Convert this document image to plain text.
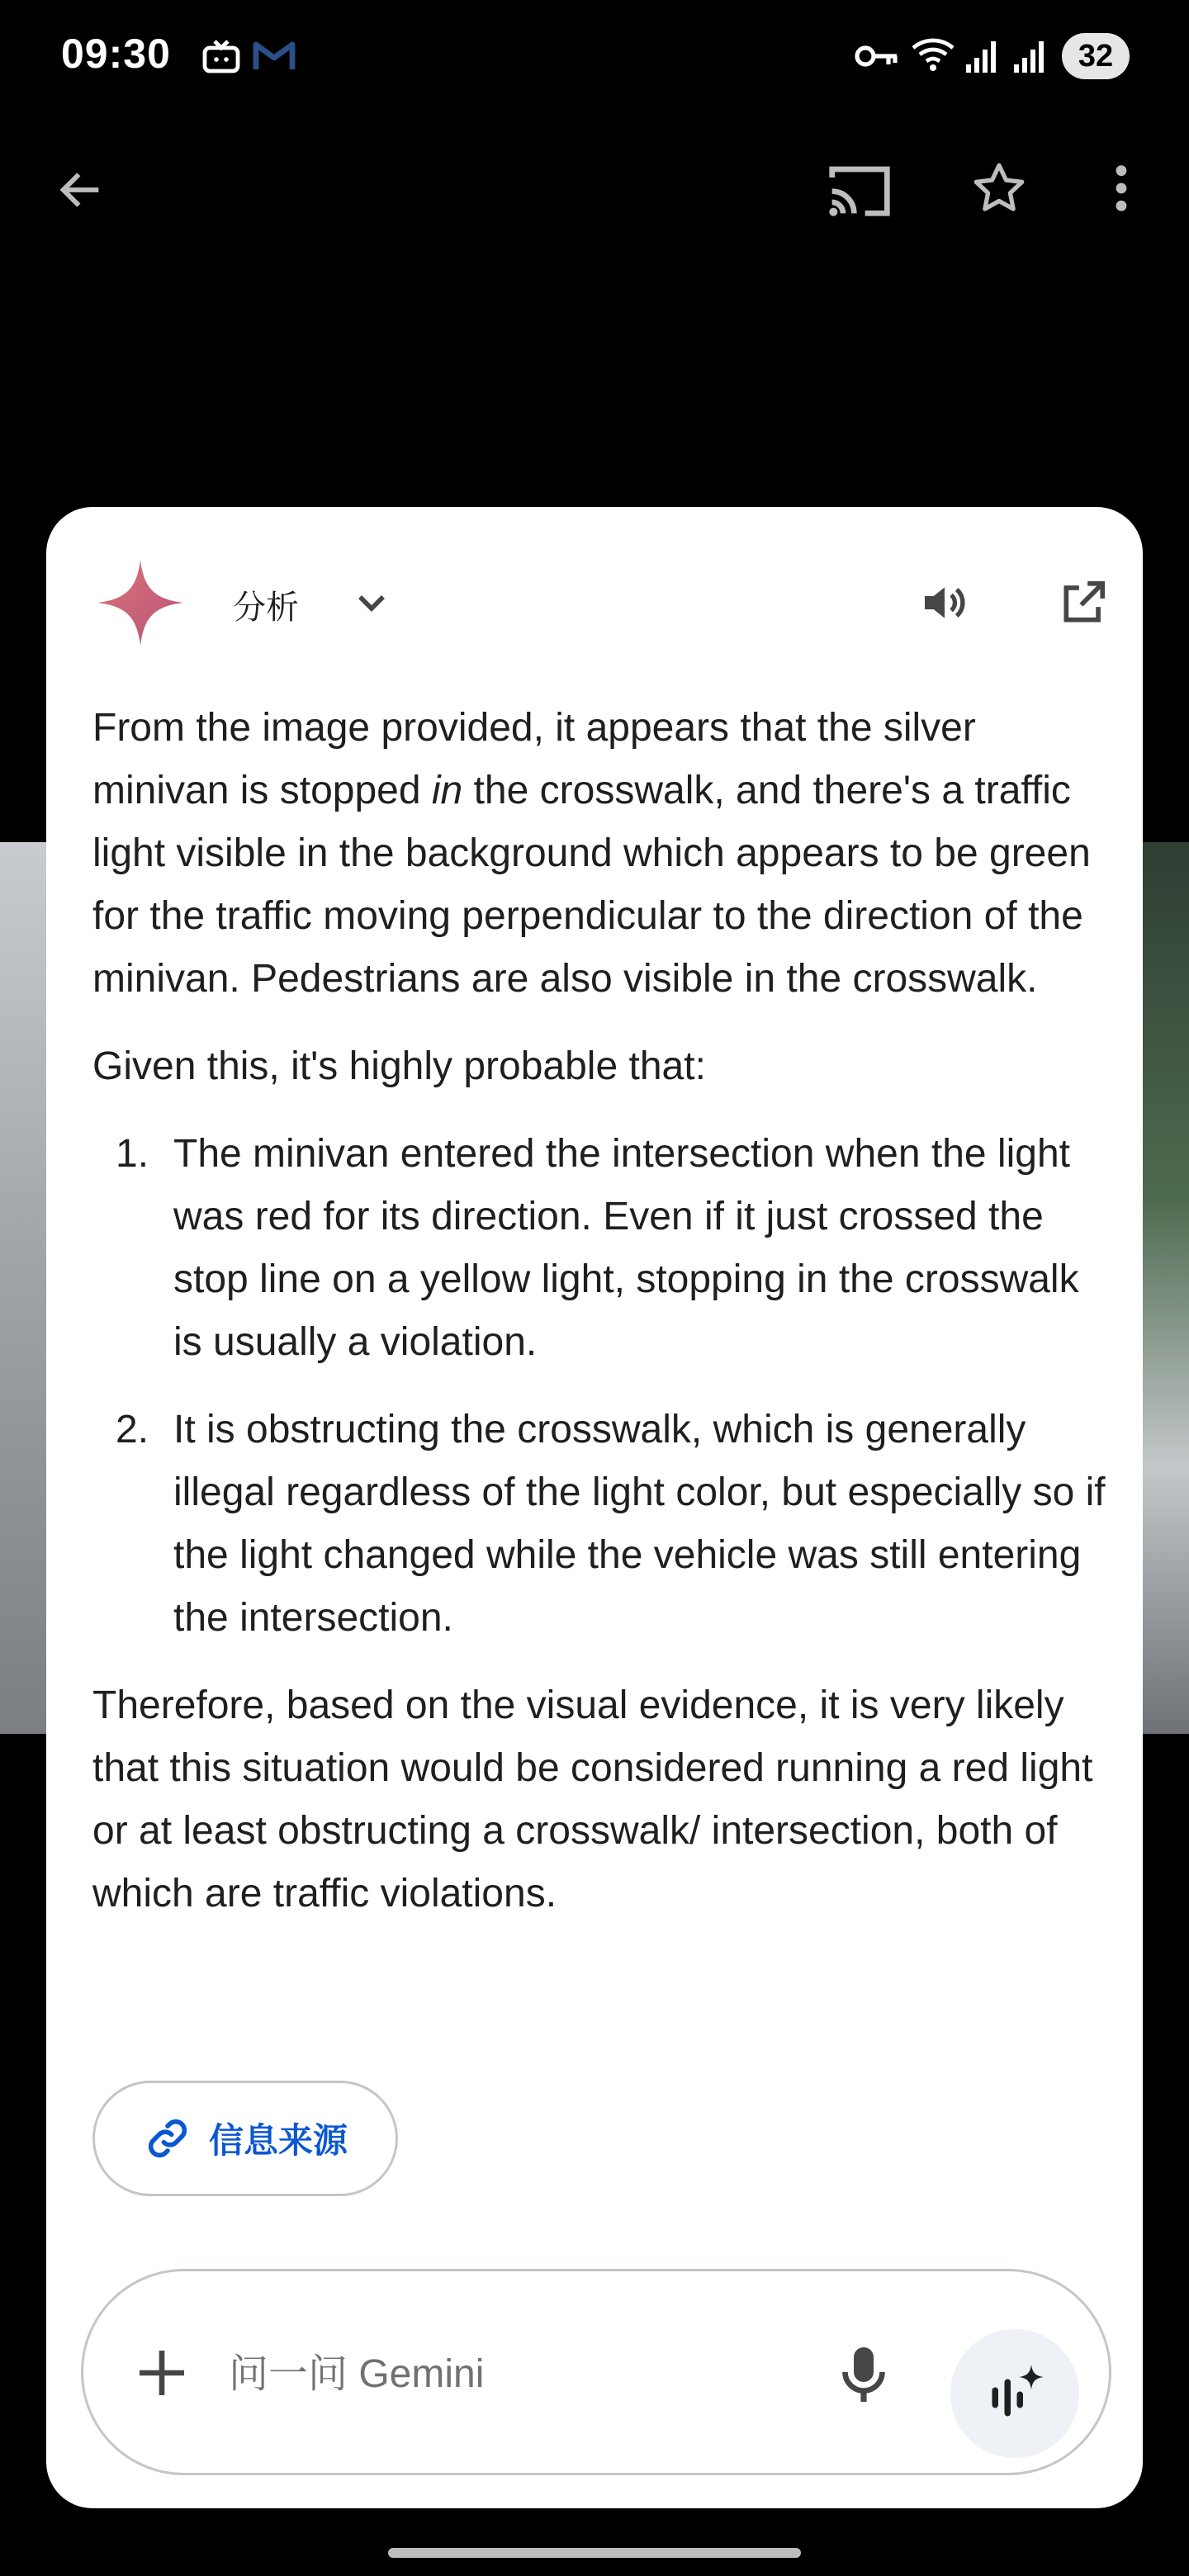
09:30	32
分析

From the image provided, it appears that the silver minivan is stopped in the crosswalk, and there's a traffic light visible in the background which appears to be green for the traffic moving perpendicular to the direction of the minivan. Pedestrians are also visible in the crosswalk.

Given this, it's highly probable that:

1. The minivan entered the intersection when the light was red for its direction. Even if it just crossed the stop line on a yellow light, stopping in the crosswalk is usually a violation.
2. It is obstructing the crosswalk, which is generally illegal regardless of the light color, but especially so if the light changed while the vehicle was still entering the intersection.

Therefore, based on the visual evidence, it is very likely that this situation would be considered running a red light or at least obstructing a crosswalk/ intersection, both of which are traffic violations.

信息来源
问一问 Gemini
